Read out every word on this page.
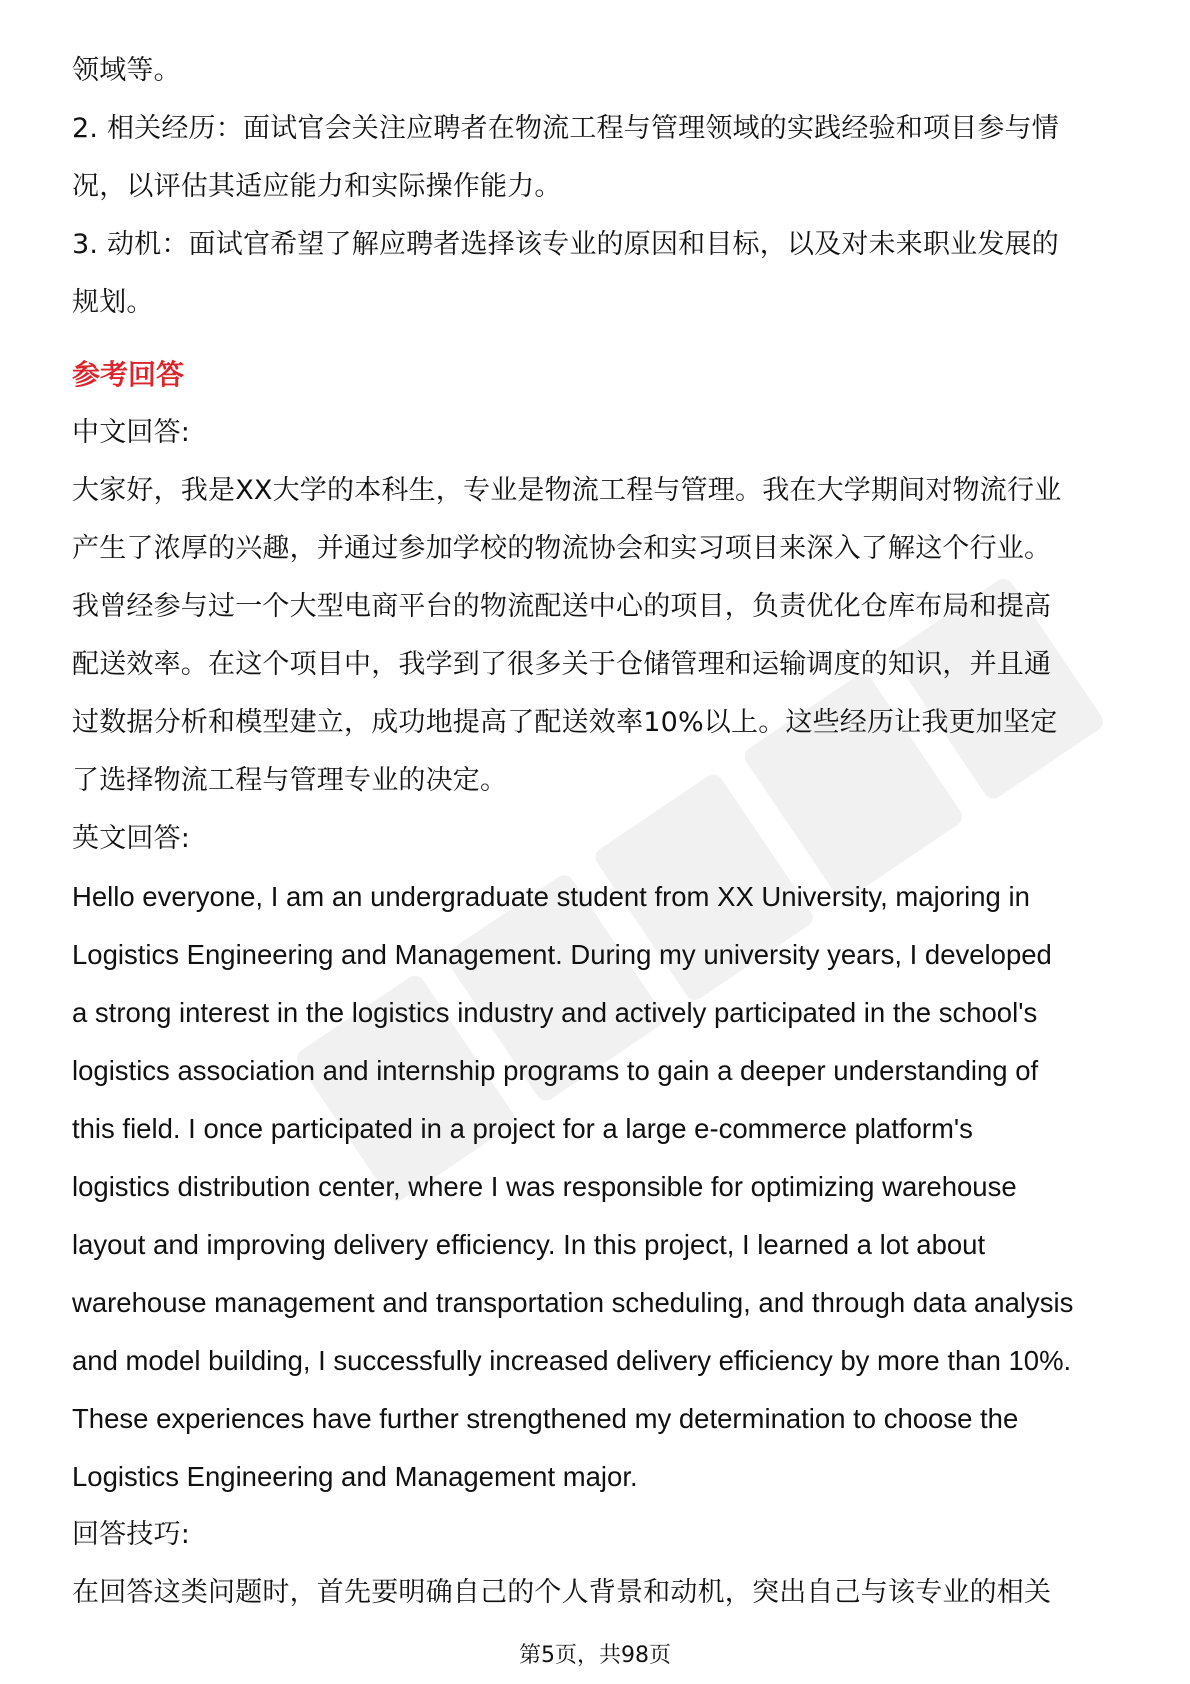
领域等。
2. 相关经历：面试官会关注应聘者在物流工程与管理领域的实践经验和项目参与情
况，以评估其适应能力和实际操作能力。
3. 动机：面试官希望了解应聘者选择该专业的原因和目标，以及对未来职业发展的
规划。
参考回答
中文回答:
大家好，我是XX大学的本科生，专业是物流工程与管理。我在大学期间对物流行业
产生了浓厚的兴趣，并通过参加学校的物流协会和实习项目来深入了解这个行业。
我曾经参与过一个大型电商平台的物流配送中心的项目，负责优化仓库布局和提高
配送效率。在这个项目中，我学到了很多关于仓储管理和运输调度的知识，并且通
过数据分析和模型建立，成功地提高了配送效率10%以上。这些经历让我更加坚定
了选择物流工程与管理专业的决定。
英文回答:
Hello everyone, I am an undergraduate student from XX University, majoring in
Logistics Engineering and Management. During my university years, I developed
a strong interest in the logistics industry and actively participated in the school's
logistics association and internship programs to gain a deeper understanding of
this field. I once participated in a project for a large e-commerce platform's
logistics distribution center, where I was responsible for optimizing warehouse
layout and improving delivery efficiency. In this project, I learned a lot about
warehouse management and transportation scheduling, and through data analysis
and model building, I successfully increased delivery efficiency by more than 10%.
These experiences have further strengthened my determination to choose the
Logistics Engineering and Management major.
回答技巧:
在回答这类问题时，首先要明确自己的个人背景和动机，突出自己与该专业的相关
第5页，共98页
